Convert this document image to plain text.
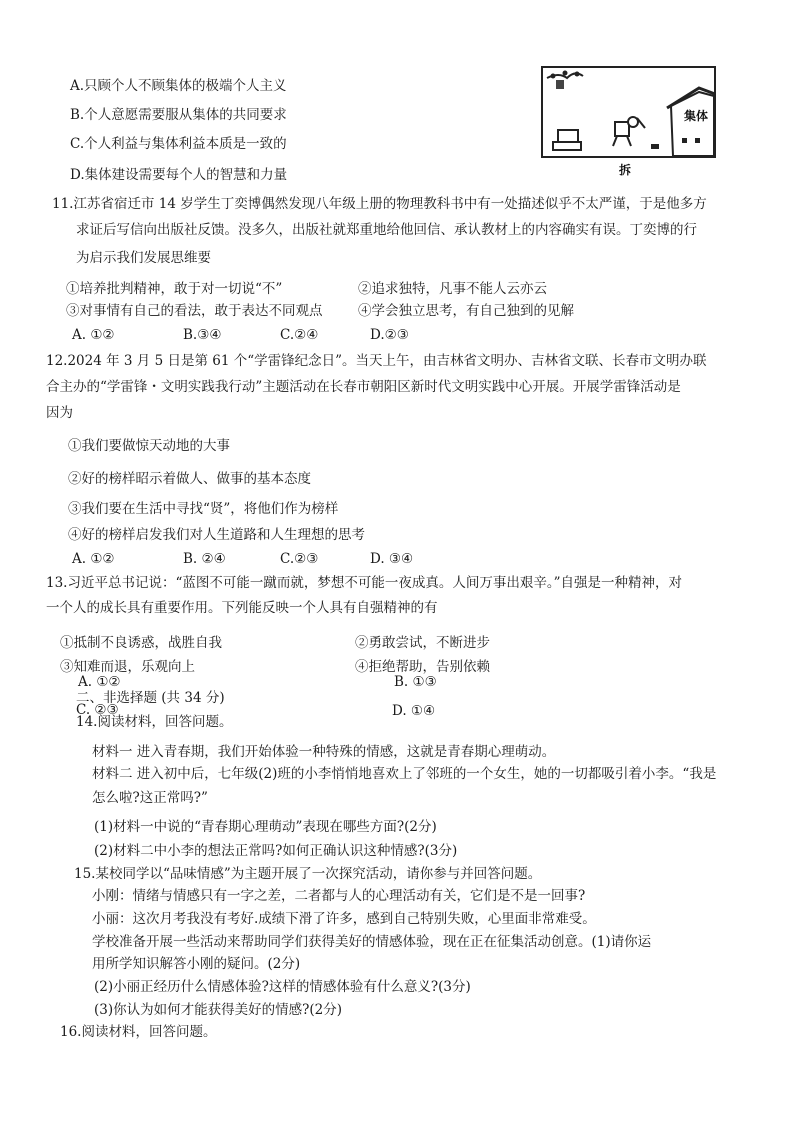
A.只顾个人不顾集体的极端个人主义
B.个人意愿需要服从集体的共同要求
C.个人利益与集体利益本质是一致的
D.集体建设需要每个人的智慧和力量
集体
拆
11.江苏省宿迁市 14 岁学生丁奕博偶然发现八年级上册的物理教科书中有一处描述似乎不太严谨，于是他多方
求证后写信向出版社反馈。没多久，出版社就郑重地给他回信、承认教材上的内容确实有误。丁奕博的行
为启示我们发展思维要
①培养批判精神，敢于对一切说“不”	②追求独特，凡事不能人云亦云
③对事情有自己的看法，敢于表达不同观点	④学会独立思考，有自己独到的见解
A. ①②	B.③④	C.②④	D.②③
12.2024 年 3 月 5 日是第 61 个“学雷锋纪念日”。当天上午，由吉林省文明办、吉林省文联、长春市文明办联
合主办的“学雷锋・文明实践我行动”主题活动在长春市朝阳区新时代文明实践中心开展。开展学雷锋活动是
因为
①我们要做惊天动地的大事
②好的榜样昭示着做人、做事的基本态度
③我们要在生活中寻找“贤”，将他们作为榜样
④好的榜样启发我们对人生道路和人生理想的思考
A. ①②	B. ②④	C.②③	D. ③④
13.习近平总书记说：“蓝图不可能一蹴而就，梦想不可能一夜成真。人间万事出艰辛。”自强是一种精神，对
一个人的成长具有重要作用。下列能反映一个人具有自强精神的有
①抵制不良诱惑，战胜自我	②勇敢尝试，不断进步
③知难而退，乐观向上	④拒绝帮助，告别依赖
A. ①②	B. ①③
C. ②③	D. ①④
二、非选择题 (共 34 分)
14.阅读材料，回答问题。
材料一 进入青春期，我们开始体验一种特殊的情感，这就是青春期心理萌动。
材料二 进入初中后，七年级(2)班的小李悄悄地喜欢上了邻班的一个女生，她的一切都吸引着小李。“我是
怎么啦?这正常吗?”
(1)材料一中说的“青春期心理萌动”表现在哪些方面?(2分)
(2)材料二中小李的想法正常吗?如何正确认识这种情感?(3分)
15.某校同学以“品味情感”为主题开展了一次探究活动，请你参与并回答问题。
小刚：情绪与情感只有一字之差，二者都与人的心理活动有关，它们是不是一回事?
小丽：这次月考我没有考好.成绩下滑了许多，感到自己特别失败，心里面非常难受。
学校准备开展一些活动来帮助同学们获得美好的情感体验，现在正在征集活动创意。(1)请你运
用所学知识解答小刚的疑问。(2分)
(2)小丽正经历什么情感体验?这样的情感体验有什么意义?(3分)
(3)你认为如何才能获得美好的情感?(2分)
16.阅读材料，回答问题。
